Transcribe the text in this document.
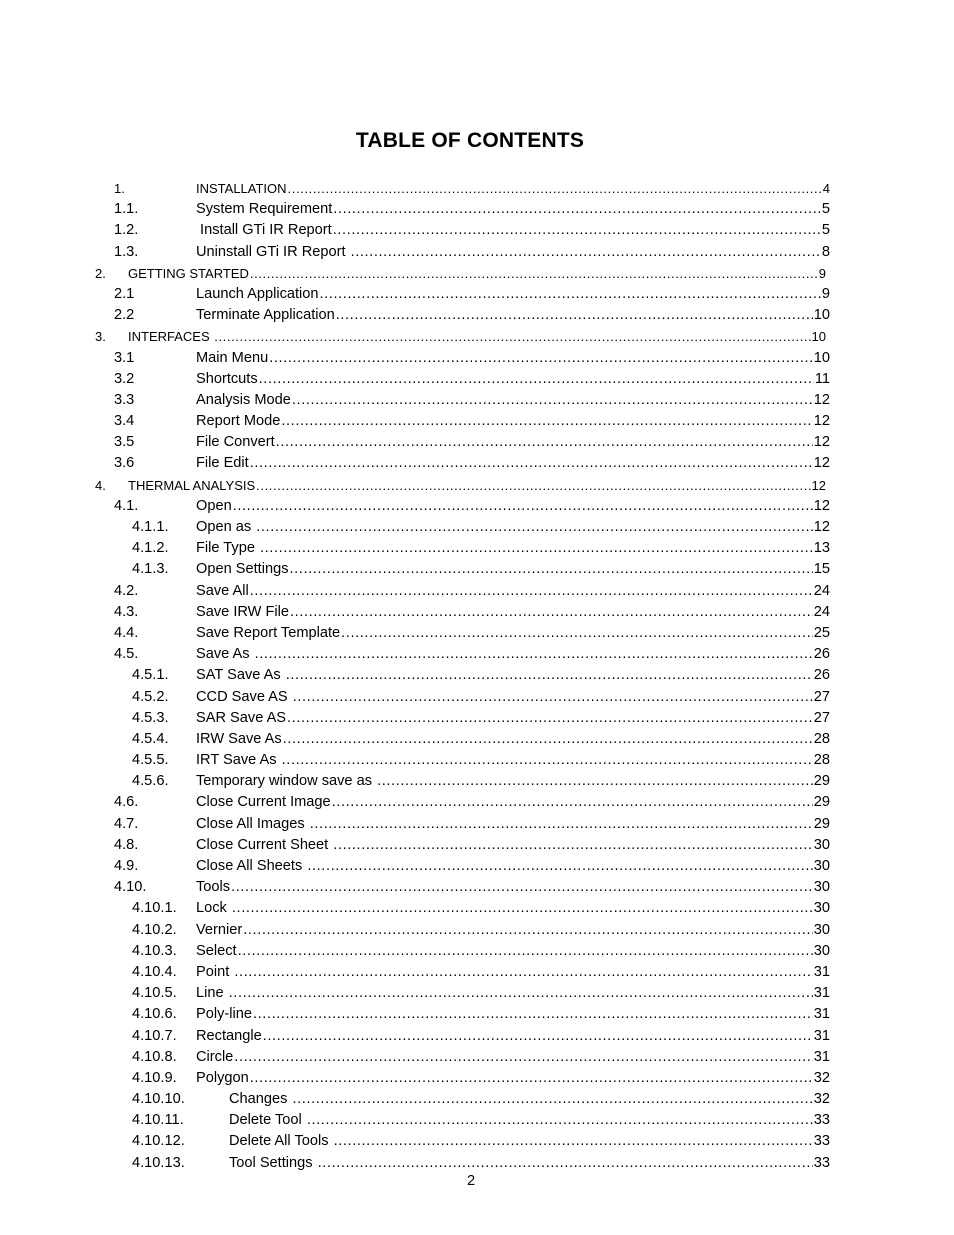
TABLE OF CONTENTS
1.	INSTALLATION .....	4
1.1.	System Requirement .....	5
1.2.	Install GTi IR Report .....	5
1.3.	Uninstall GTi IR Report .....	8
2. GETTING STARTED .....	9
2.1	Launch Application .....	9
2.2	Terminate Application .....	10
3. INTERFACES .....	10
3.1	Main Menu .....	10
3.2	Shortcuts .....	11
3.3	Analysis Mode .....	12
3.4	Report Mode .....	12
3.5	File Convert .....	12
3.6	File Edit .....	12
4. THERMAL ANALYSIS .....	12
4.1.	Open .....	12
4.1.1. Open as .....	12
4.1.2. File Type .....	13
4.1.3. Open Settings .....	15
4.2.	Save All .....	24
4.3.	Save IRW File .....	24
4.4.	Save Report Template .....	25
4.5.	Save As .....	26
4.5.1. SAT Save As .....	26
4.5.2. CCD Save AS .....	27
4.5.3. SAR Save AS .....	27
4.5.4. IRW Save As .....	28
4.5.5. IRT Save As .....	28
4.5.6. Temporary window save as .....	29
4.6.	Close Current Image .....	29
4.7.	Close All Images .....	29
4.8.	Close Current Sheet .....	30
4.9.	Close All Sheets .....	30
4.10.	Tools .....	30
4.10.1. Lock .....	30
4.10.2. Vernier .....	30
4.10.3. Select .....	30
4.10.4. Point .....	31
4.10.5. Line .....	31
4.10.6. Poly-line .....	31
4.10.7. Rectangle .....	31
4.10.8. Circle .....	31
4.10.9. Polygon .....	32
4.10.10.	Changes .....	32
4.10.11.	Delete Tool .....	33
4.10.12.	Delete All Tools .....	33
4.10.13.	Tool Settings .....	33
2
